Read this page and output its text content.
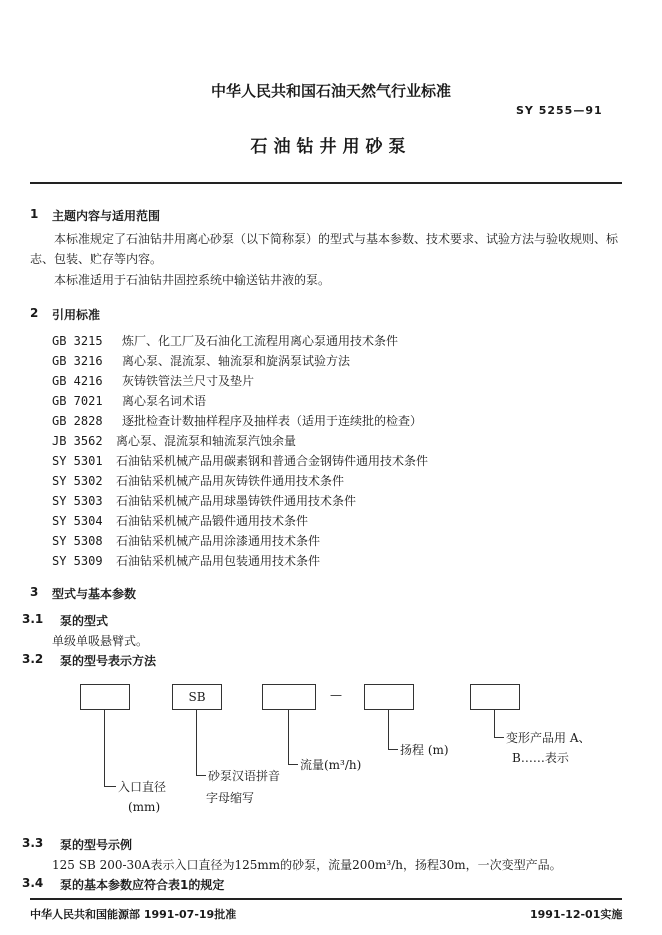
中华人民共和国石油天然气行业标准
SY 5255—91
石油钻井用砂泵
1 主题内容与适用范围
本标准规定了石油钻井用离心砂泵（以下简称泵）的型式与基本参数、技术要求、试验方法与验收规则、标志、包装、贮存等内容。
本标准适用于石油钻井固控系统中输送钻井液的泵。
2 引用标准
GB 3215 炼厂、化工厂及石油化工流程用离心泵通用技术条件
GB 3216 离心泵、混流泵、轴流泵和旋涡泵试验方法
GB 4216 灰铸铁管法兰尺寸及垫片
GB 7021 离心泵名词术语
GB 2828 逐批检查计数抽样程序及抽样表（适用于连续批的检查）
JB 3562 离心泵、混流泵和轴流泵汽蚀余量
SY 5301 石油钻采机械产品用碳素钢和普通合金钢铸件通用技术条件
SY 5302 石油钻采机械产品用灰铸铁件通用技术条件
SY 5303 石油钻采机械产品用球墨铸铁件通用技术条件
SY 5304 石油钻采机械产品锻件通用技术条件
SY 5308 石油钻采机械产品用涂漆通用技术条件
SY 5309 石油钻采机械产品用包装通用技术条件
3 型式与基本参数
3.1 泵的型式
单级单吸悬臂式。
3.2 泵的型号表示方法
SB	—
入口直径
(mm)
砂泵汉语拼音
字母缩写
流量(m³/h)
扬程 (m)
变形产品用 A、
B……表示
3.3 泵的型号示例
125 SB 200-30A表示入口直径为125mm的砂泵，流量200m³/h，扬程30m，一次变型产品。
3.4 泵的基本参数应符合表1的规定
中华人民共和国能源部 1991-07-19批准	1991-12-01实施
